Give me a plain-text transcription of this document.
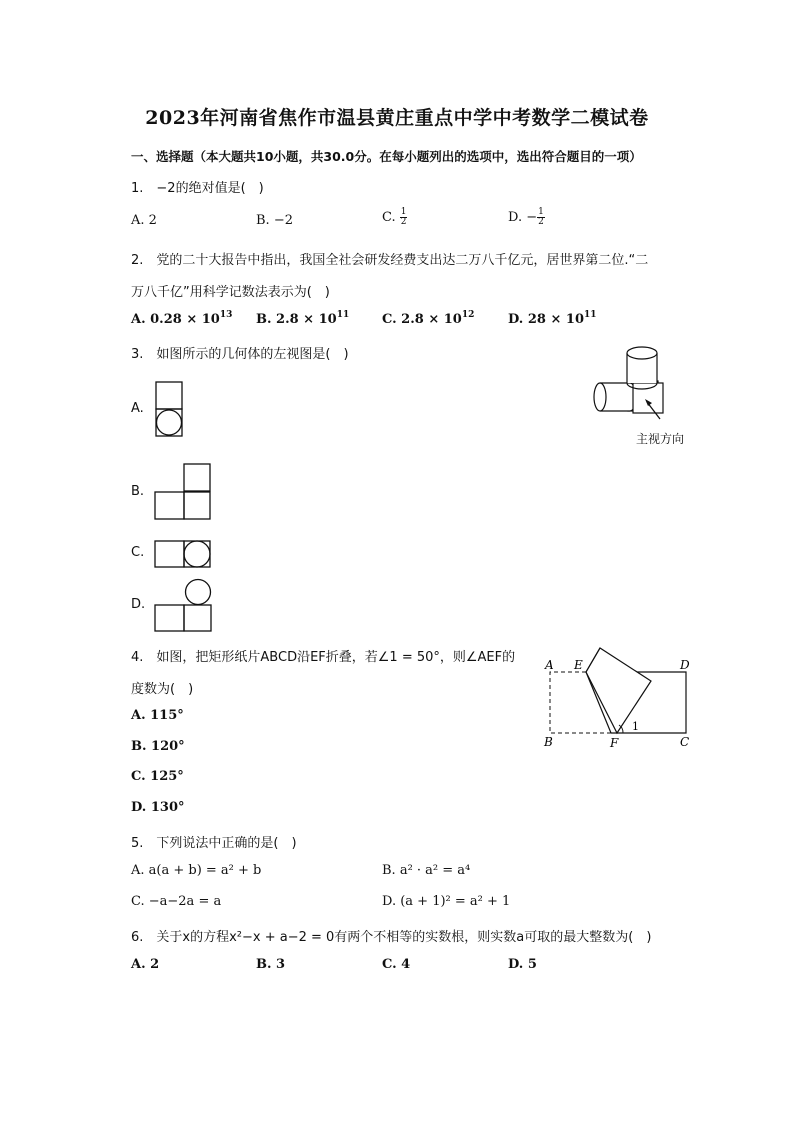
2023年河南省焦作市温县黄庄重点中学中考数学二模试卷
一、选择题（本大题共10小题，共30.0分。在每小题列出的选项中，选出符合题目的一项）
1.　−2的绝对值是(　)
A. 2	B. −2	C. $\frac{1}{2}$	D. − $\frac{1}{2}$
2.　党的二十大报告中指出，我国全社会研发经费支出达二万八千亿元，居世界第二位.“二
万八千亿”用科学记数法表示为(　)
A. $0.28 \times 10^{13}$ B. $2.8 \times 10^{11}$	C. $2.8 \times 10^{12}$	D. $28 \times 10^{11}$
3.　如图所示的几何体的左视图是(　)
主视方向
A.
B.
C.
D.
4.　如图，把矩形纸片ABCD沿EF折叠，若∠1 = 50°，则∠AEF的
度数为(　)
A. 115°
B. 120°
C. 125°
D. 130°
A E	D
B	F	C
1
5.　下列说法中正确的是(　)
A. a(a + b) = a² + b	B. a² · a² = a⁴
C. −a−2a = a	D. (a + 1)² = a² + 1
6.　关于x的方程x²−x + a−2 = 0有两个不相等的实数根，则实数a可取的最大整数为(　)
A. 2	B. 3	C. 4	D. 5
